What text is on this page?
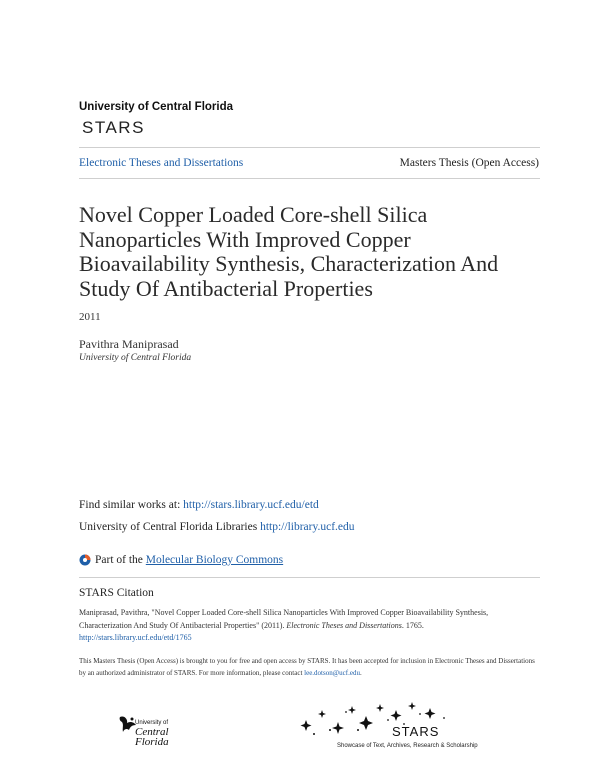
University of Central Florida
STARS
Electronic Theses and Dissertations	Masters Thesis (Open Access)
Novel Copper Loaded Core-shell Silica Nanoparticles With Improved Copper Bioavailability Synthesis, Characterization And Study Of Antibacterial Properties
2011
Pavithra Maniprasad
University of Central Florida
Find similar works at: http://stars.library.ucf.edu/etd
University of Central Florida Libraries http://library.ucf.edu
Part of the
Molecular Biology Commons
STARS Citation
Maniprasad, Pavithra, "Novel Copper Loaded Core-shell Silica Nanoparticles With Improved Copper Bioavailability Synthesis, Characterization And Study Of Antibacterial Properties" (2011). Electronic Theses and Dissertations. 1765.
http://stars.library.ucf.edu/etd/1765
This Masters Thesis (Open Access) is brought to you for free and open access by STARS. It has been accepted for inclusion in Electronic Theses and Dissertations by an authorized administrator of STARS. For more information, please contact lee.dotson@ucf.edu.
University of
Central
Florida
STARS
Showcase of Text, Archives, Research & Scholarship
